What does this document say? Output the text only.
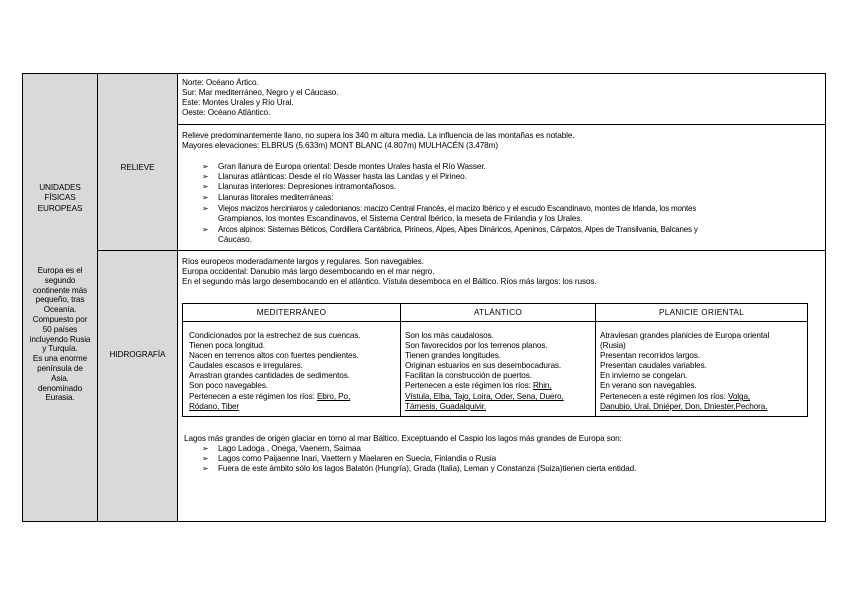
UNIDADES
FÍSICAS
EUROPEAS
Europa es el
segundo
continente más
pequeño, tras
Oceanía.
Compuesto por
50 países
incluyendo Rusia
y Turquía.
Es una enorme
península de
Asia.
denominado
Eurasia.
RELIEVE
HIDROGRAFÍA
Norte: Océano Ártico.
Sur: Mar mediterráneo, Negro y el Cáucaso.
Este: Montes Urales y Río Ural.
Oeste: Océano Atlántico.
Relieve predominantemente llano, no supera los 340 m altura media. La influencia de las montañas es notable.
Mayores elevaciones: ELBRUS (5.633m) MONT BLANC (4.807m) MULHACÉN (3.478m)
➢ Gran llanura de Europa oriental: Desde montes Urales hasta el Río Wasser.
➢ Llanuras atlánticas: Desde el río Wasser hasta las Landas y el Pirineo.
➢ Llanuras interiores: Depresiones intramontañosos.
➢ Llanuras litorales mediterráneas:
➢ Viejos macizos herciniaros y caledonianos: macizo Central Francés, el macizo Ibérico y el escudo Escandinavo, montes de Irlanda, los montes
Grampianos, los montes Escandinavos, el Sistema Central Ibérico, la meseta de Finlandia y los Urales.
➢ Arcos alpinos: Sistemas Béticos, Cordillera Cantábrica, Pirineos, Alpes, Alpes Dináricos, Apeninos, Cárpatos, Alpes de Transilvania, Balcanes y
Cáucaso.
Ríos europeos moderadamente largos y regulares. Son navegables.
Europa occidental: Danubio más largo desembocando en el mar negro.
En el segundo más largo desembocando en el atlántico. Vístula desemboca en el Báltico. Ríos más largos: los rusos.
MEDITERRÁNEO	ATLÁNTICO	PLANICIE ORIENTAL
Condicionados por la estrechez de sus cuencas.
Tienen poca longitud.
Nacen en terrenos altos con fuertes pendientes.
Caudales escasos e irregulares.
Arrastran grandes cantidades de sedimentos.
Son poco navegables.
Pertenecen a este régimen los ríos: Ebro, Po,
Ródano, Tiber
Son los más caudalosos.
Son favorecidos por los terrenos planos.
Tienen grandes longitudes.
Originan estuarios en sus desembocaduras.
Facilitan la construcción de puertos.
Pertenecen a este régimen los ríos: Rhin,
Vístula, Elba, Tajo, Loira, Oder, Sena, Duero,
Támesis, Guadalquivir.
Atraviesan grandes planicies de Europa oriental
(Rusia)
Presentan recorridos largos.
Presentan caudales variables.
En invierno se congelan.
En verano son navegables.
Pertenecen a este régimen los ríos: Volga,
Danubio, Ural, Dniéper, Don, Dniester,Pechora.
Lagos más grandes de origen glaciar en torno al mar Báltico. Exceptuando el Caspio los lagos más grandes de Europa son:
➢ Lago Ladoga , Onega, Vaenern, Saimaa
➢ Lagos como Paijaenne Inari, Vaettern y Maelaren en Suecia, Finlandia o Rusia
➢ Fuera de este ámbito sólo los lagos Balatón (Hungría), Grada (Italia), Leman y Constanza (Suiza)tienen cierta entidad.
